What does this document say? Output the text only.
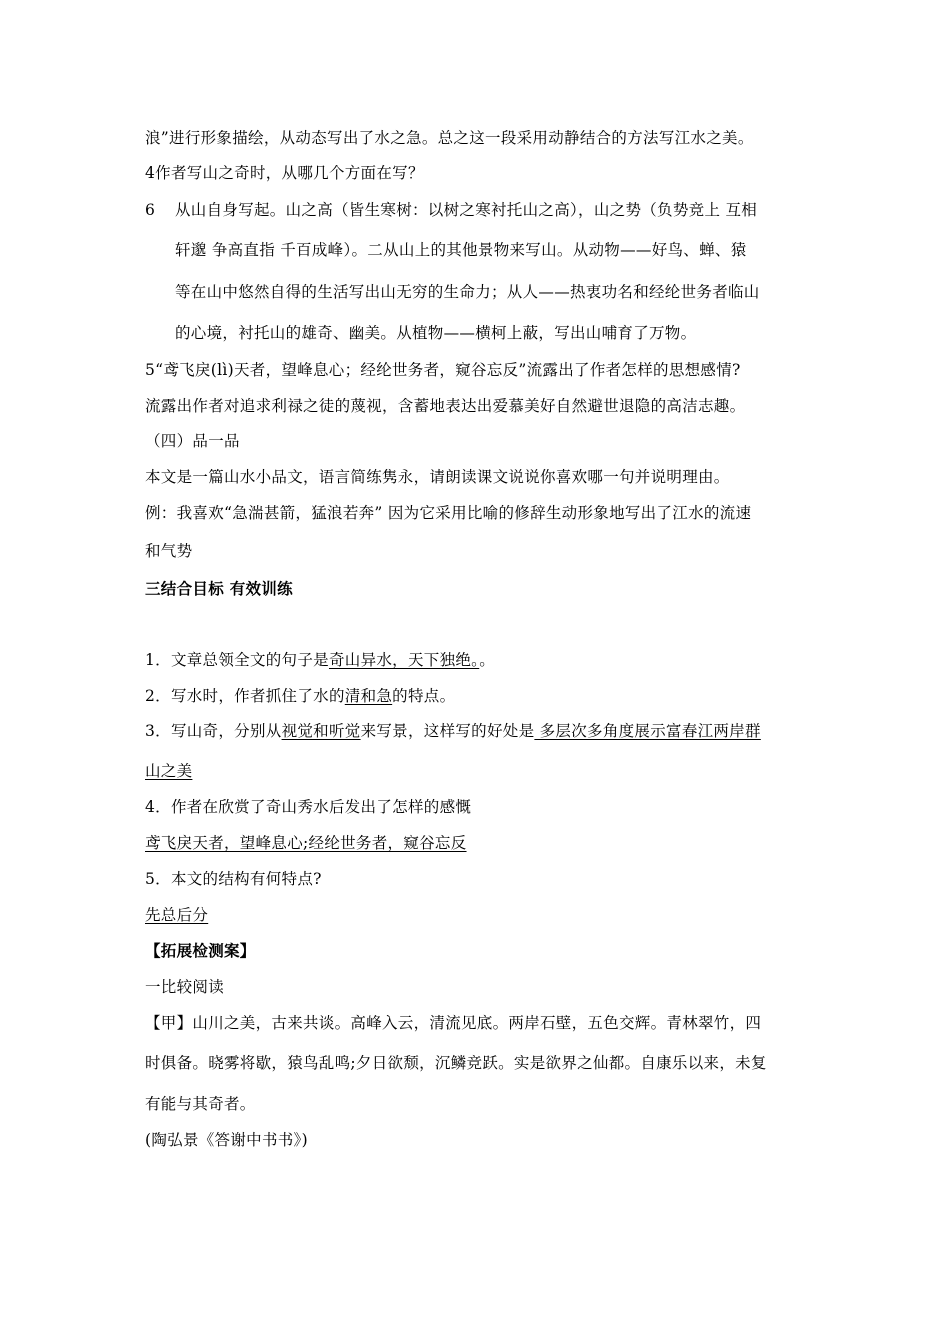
浪”进行形象描绘，从动态写出了水之急。总之这一段采用动静结合的方法写江水之美。
4作者写山之奇时，从哪几个方面在写？
6 从山自身写起。山之高（皆生寒树：以树之寒衬托山之高），山之势（负势竞上 互相
轩邈 争高直指 千百成峰）。二从山上的其他景物来写山。从动物——好鸟、蝉、猿
等在山中悠然自得的生活写出山无穷的生命力；从人——热衷功名和经纶世务者临山
的心境，衬托山的雄奇、幽美。从植物——横柯上蔽，写出山哺育了万物。
5“鸢飞戾(lì)天者，望峰息心；经纶世务者，窥谷忘反”流露出了作者怎样的思想感情?
流露出作者对追求利禄之徒的蔑视，含蓄地表达出爱慕美好自然避世退隐的高洁志趣。
（四）品一品
本文是一篇山水小品文，语言简练隽永，请朗读课文说说你喜欢哪一句并说明理由。
例：我喜欢“急湍甚箭，猛浪若奔” 因为它采用比喻的修辞生动形象地写出了江水的流速
和气势
三结合目标 有效训练
1．文章总领全文的句子是奇山异水，天下独绝。。
2．写水时，作者抓住了水的清和急的特点。
3．写山奇，分别从视觉和听觉来写景，这样写的好处是 多层次多角度展示富春江两岸群
山之美
4．作者在欣赏了奇山秀水后发出了怎样的感慨
鸢飞戾天者，望峰息心;经纶世务者，窥谷忘反
5．本文的结构有何特点?
先总后分
【拓展检测案】
一比较阅读
【甲】山川之美，古来共谈。高峰入云，清流见底。两岸石壁，五色交辉。青林翠竹，四
时俱备。晓雾将歇，猿鸟乱鸣;夕日欲颓，沉鳞竞跃。实是欲界之仙都。自康乐以来，未复
有能与其奇者。
(陶弘景《答谢中书书》)
